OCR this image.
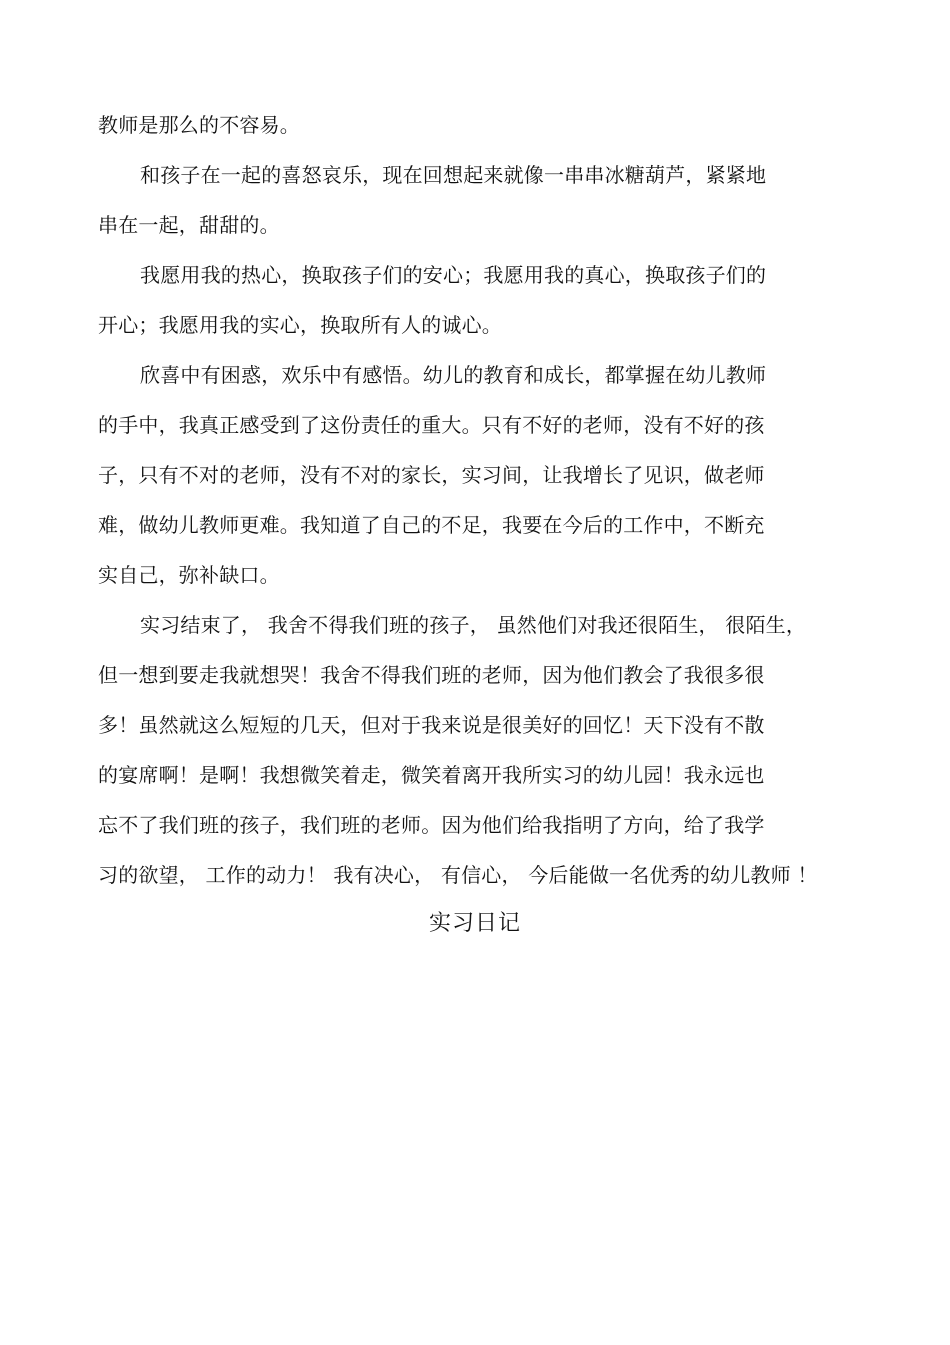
教师是那么的不容易。
和孩子在一起的喜怒哀乐，现在回想起来就像一串串冰糖葫芦，紧紧地
串在一起，甜甜的。
我愿用我的热心，换取孩子们的安心；我愿用我的真心，换取孩子们的
开心；我愿用我的实心，换取所有人的诚心。
欣喜中有困惑，欢乐中有感悟。幼儿的教育和成长，都掌握在幼儿教师
的手中，我真正感受到了这份责任的重大。只有不好的老师，没有不好的孩
子，只有不对的老师，没有不对的家长，实习间，让我增长了见识，做老师
难，做幼儿教师更难。我知道了自己的不足，我要在今后的工作中，不断充
实自己，弥补缺口。
实习结束了， 我舍不得我们班的孩子， 虽然他们对我还很陌生， 很陌生，
但一想到要走我就想哭！我舍不得我们班的老师，因为他们教会了我很多很
多！虽然就这么短短的几天，但对于我来说是很美好的回忆！天下没有不散
的宴席啊！是啊！我想微笑着走，微笑着离开我所实习的幼儿园！我永远也
忘不了我们班的孩子，我们班的老师。因为他们给我指明了方向，给了我学
习的欲望， 工作的动力！ 我有决心， 有信心， 今后能做一名优秀的幼儿教师 ！
实习日记
